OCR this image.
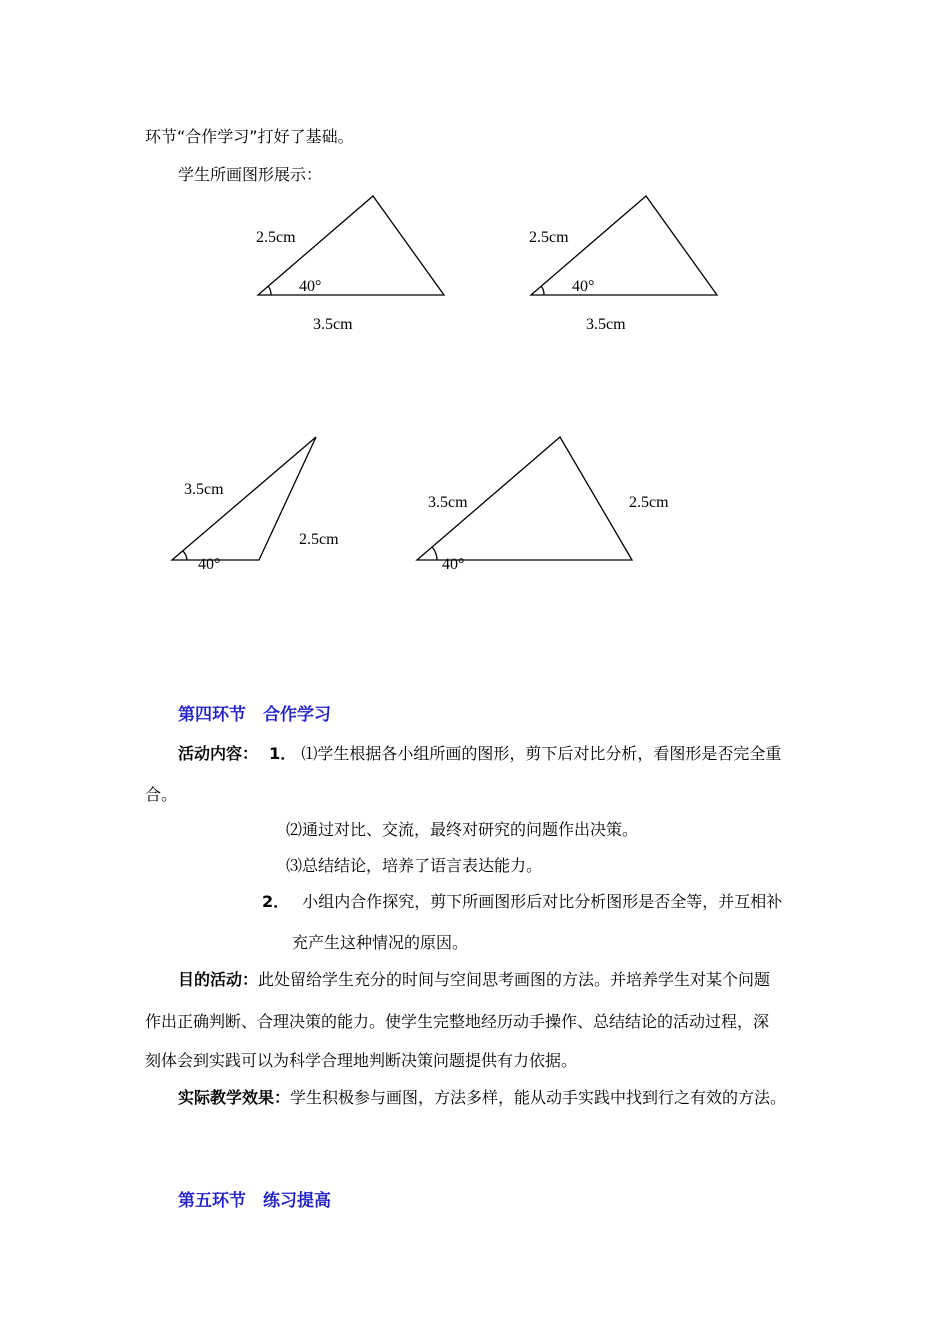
环节“合作学习”打好了基础。
学生所画图形展示：
2.5cm
40°
3.5cm
2.5cm
40°
3.5cm
3.5cm
40°
2.5cm
3.5cm
40°
2.5cm
第四环节　合作学习
活动内容： 1． ⑴学生根据各小组所画的图形，剪下后对比分析，看图形是否完全重
合。
⑵通过对比、交流，最终对研究的问题作出决策。
⑶总结结论，培养了语言表达能力。
2． 小组内合作探究，剪下所画图形后对比分析图形是否全等，并互相补
充产生这种情况的原因。
目的活动：此处留给学生充分的时间与空间思考画图的方法。并培养学生对某个问题
作出正确判断、合理决策的能力。使学生完整地经历动手操作、总结结论的活动过程，深
刻体会到实践可以为科学合理地判断决策问题提供有力依据。
实际教学效果：学生积极参与画图，方法多样，能从动手实践中找到行之有效的方法。
第五环节　练习提高
